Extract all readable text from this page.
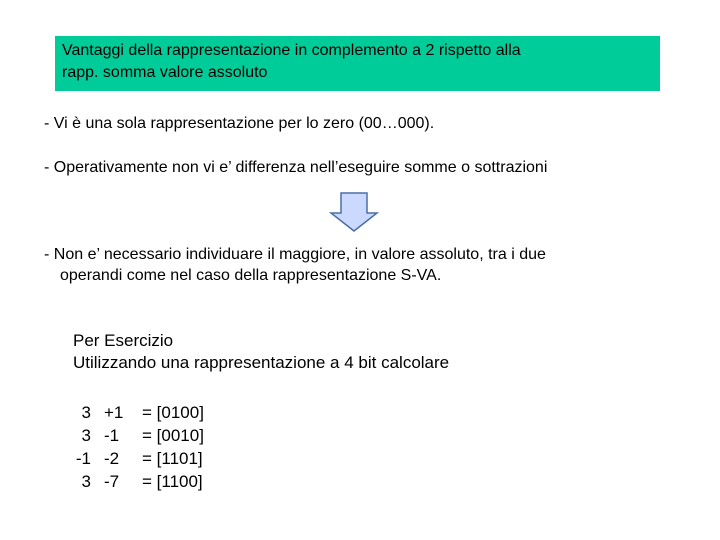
Vantaggi della rappresentazione in complemento a 2 rispetto alla
rapp. somma valore assoluto
- Vi è una sola rappresentazione per lo zero (00…000).
- Operativamente non vi e’ differenza nell’eseguire somme o sottrazioni
- Non e’ necessario individuare il maggiore, in valore assoluto, tra i due
operandi come nel caso della rappresentazione S-VA.
Per Esercizio
Utilizzando una rappresentazione a 4 bit calcolare
3 +1 = [0100]
3 -1 = [0010]
-1 -2 = [1101]
3 -7 = [1100]
